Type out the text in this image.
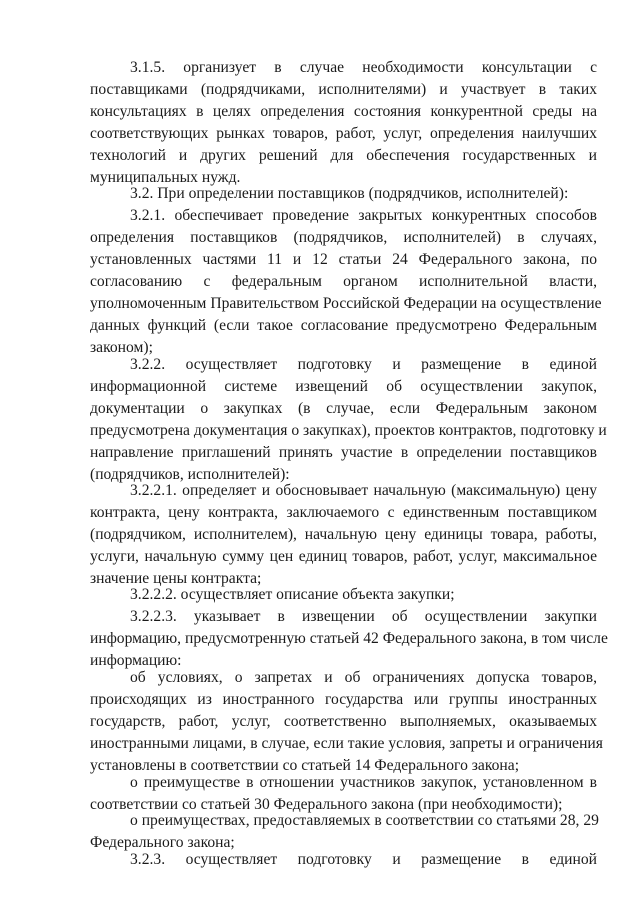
3.1.5. организует в случае необходимости консультации с

поставщиками (подрядчиками, исполнителями) и участвует в таких

консультациях в целях определения состояния конкурентной среды на

соответствующих рынках товаров, работ, услуг, определения наилучших

технологий и других решений для обеспечения государственных и

муниципальных нужд.

3.2. При определении поставщиков (подрядчиков, исполнителей):

3.2.1. обеспечивает проведение закрытых конкурентных способов

определения поставщиков (подрядчиков, исполнителей) в случаях,

установленных частями 11 и 12 статьи 24 Федерального закона, по

согласованию с федеральным органом исполнительной власти,

уполномоченным Правительством Российской Федерации на осуществление

данных функций (если такое согласование предусмотрено Федеральным

законом);

3.2.2. осуществляет подготовку и размещение в единой

информационной системе извещений об осуществлении закупок,

документации о закупках (в случае, если Федеральным законом

предусмотрена документация о закупках), проектов контрактов, подготовку и

направление приглашений принять участие в определении поставщиков

(подрядчиков, исполнителей):

3.2.2.1. определяет и обосновывает начальную (максимальную) цену

контракта, цену контракта, заключаемого с единственным поставщиком

(подрядчиком, исполнителем), начальную цену единицы товара, работы,

услуги, начальную сумму цен единиц товаров, работ, услуг, максимальное

значение цены контракта;

3.2.2.2. осуществляет описание объекта закупки;

3.2.2.3. указывает в извещении об осуществлении закупки

информацию, предусмотренную статьей 42 Федерального закона, в том числе

информацию:

об условиях, о запретах и об ограничениях допуска товаров,

происходящих из иностранного государства или группы иностранных

государств, работ, услуг, соответственно выполняемых, оказываемых

иностранными лицами, в случае, если такие условия, запреты и ограничения

установлены в соответствии со статьей 14 Федерального закона;

о преимуществе в отношении участников закупок, установленном в

соответствии со статьей 30 Федерального закона (при необходимости);

о преимуществах, предоставляемых в соответствии со статьями 28, 29

Федерального закона;

3.2.3. осуществляет подготовку и размещение в единой
